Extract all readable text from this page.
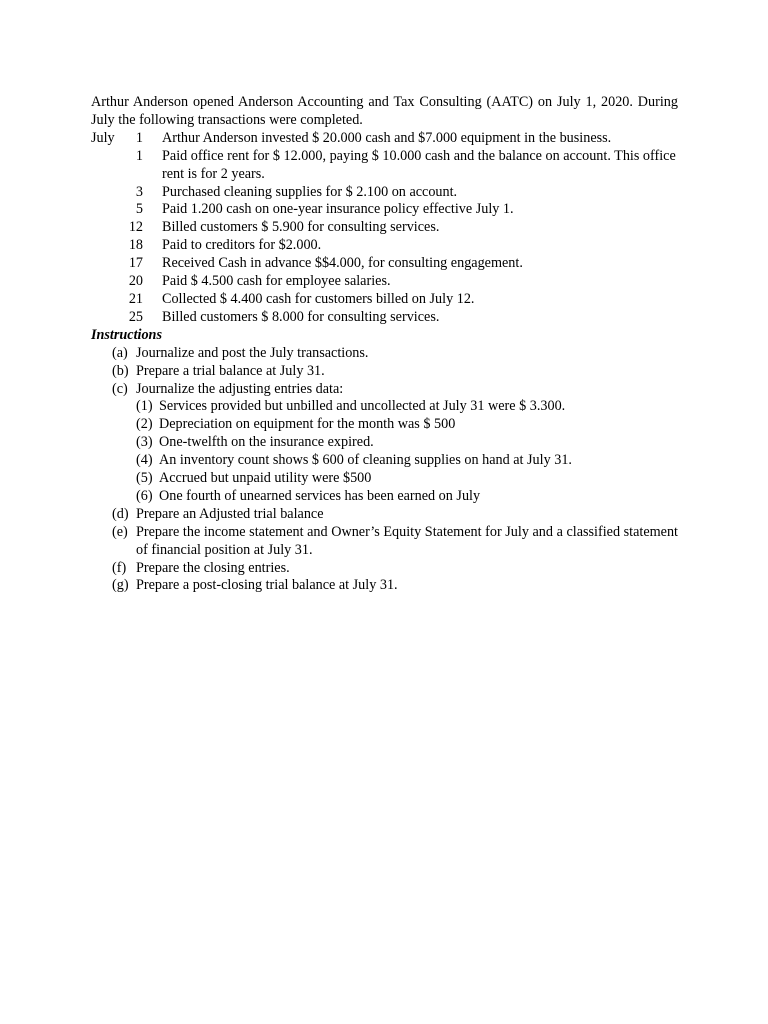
Arthur Anderson opened Anderson Accounting and Tax Consulting (AATC) on July 1, 2020. During July the following transactions were completed.

July	1 Arthur Anderson invested $ 20.000 cash and $7.000 equipment in the business.
1 Paid office rent for $ 12.000, paying $ 10.000 cash and the balance on account. This office rent is for 2 years.
3 Purchased cleaning supplies for $ 2.100 on account.
5 Paid 1.200 cash on one-year insurance policy effective July 1.
12 Billed customers $ 5.900 for consulting services.
18 Paid to creditors for $2.000.
17 Received Cash in advance $$4.000, for consulting engagement.
20 Paid $ 4.500 cash for employee salaries.
21 Collected $ 4.400 cash for customers billed on July 12.
25 Billed customers $ 8.000 for consulting services.
Instructions
(a) Journalize and post the July transactions.
(b) Prepare a trial balance at July 31.
(c) Journalize the adjusting entries data:
(1) Services provided but unbilled and uncollected at July 31 were $ 3.300.
(2) Depreciation on equipment for the month was $ 500
(3) One-twelfth on the insurance expired.
(4) An inventory count shows $ 600 of cleaning supplies on hand at July 31.
(5) Accrued but unpaid utility were $500
(6) One fourth of unearned services has been earned on July
(d) Prepare an Adjusted trial balance
(e) Prepare the income statement and Owner’s Equity Statement for July and a classified statement of financial position at July 31.
(f) Prepare the closing entries.
(g) Prepare a post-closing trial balance at July 31.
